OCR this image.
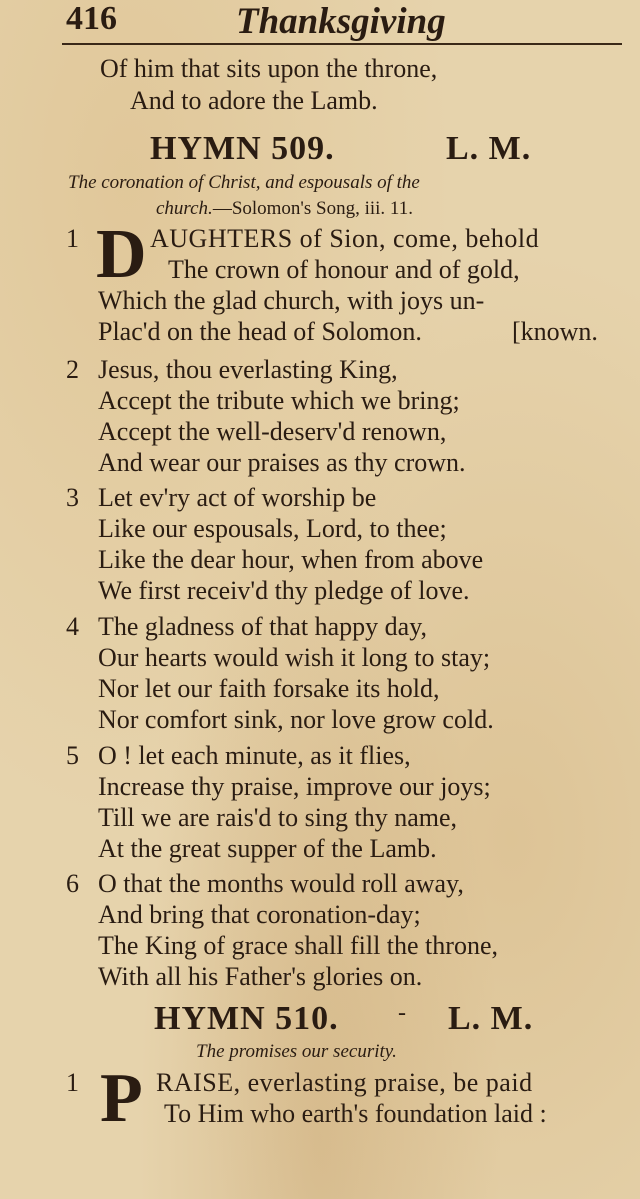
416	Thanksgiving
Of him that sits upon the throne,
And to adore the Lamb.
HYMN 509.	L. M.
The coronation of Christ, and espousals of the
church.—Solomon's Song, iii. 11.
1 D AUGHTERS of Sion, come, behold
The crown of honour and of gold,
Which the glad church, with joys un-
Plac'd on the head of Solomon.	[known.
2 Jesus, thou everlasting King,
Accept the tribute which we bring;
Accept the well-deserv'd renown,
And wear our praises as thy crown.
3 Let ev'ry act of worship be
Like our espousals, Lord, to thee;
Like the dear hour, when from above
We first receiv'd thy pledge of love.
4 The gladness of that happy day,
Our hearts would wish it long to stay;
Nor let our faith forsake its hold,
Nor comfort sink, nor love grow cold.
5 O ! let each minute, as it flies,
Increase thy praise, improve our joys;
Till we are rais'd to sing thy name,
At the great supper of the Lamb.
6 O that the months would roll away,
And bring that coronation-day;
The King of grace shall fill the throne,
With all his Father's glories on.
HYMN 510. - L. M.
The promises our security.
1 P RAISE, everlasting praise, be paid
To Him who earth's foundation laid :
